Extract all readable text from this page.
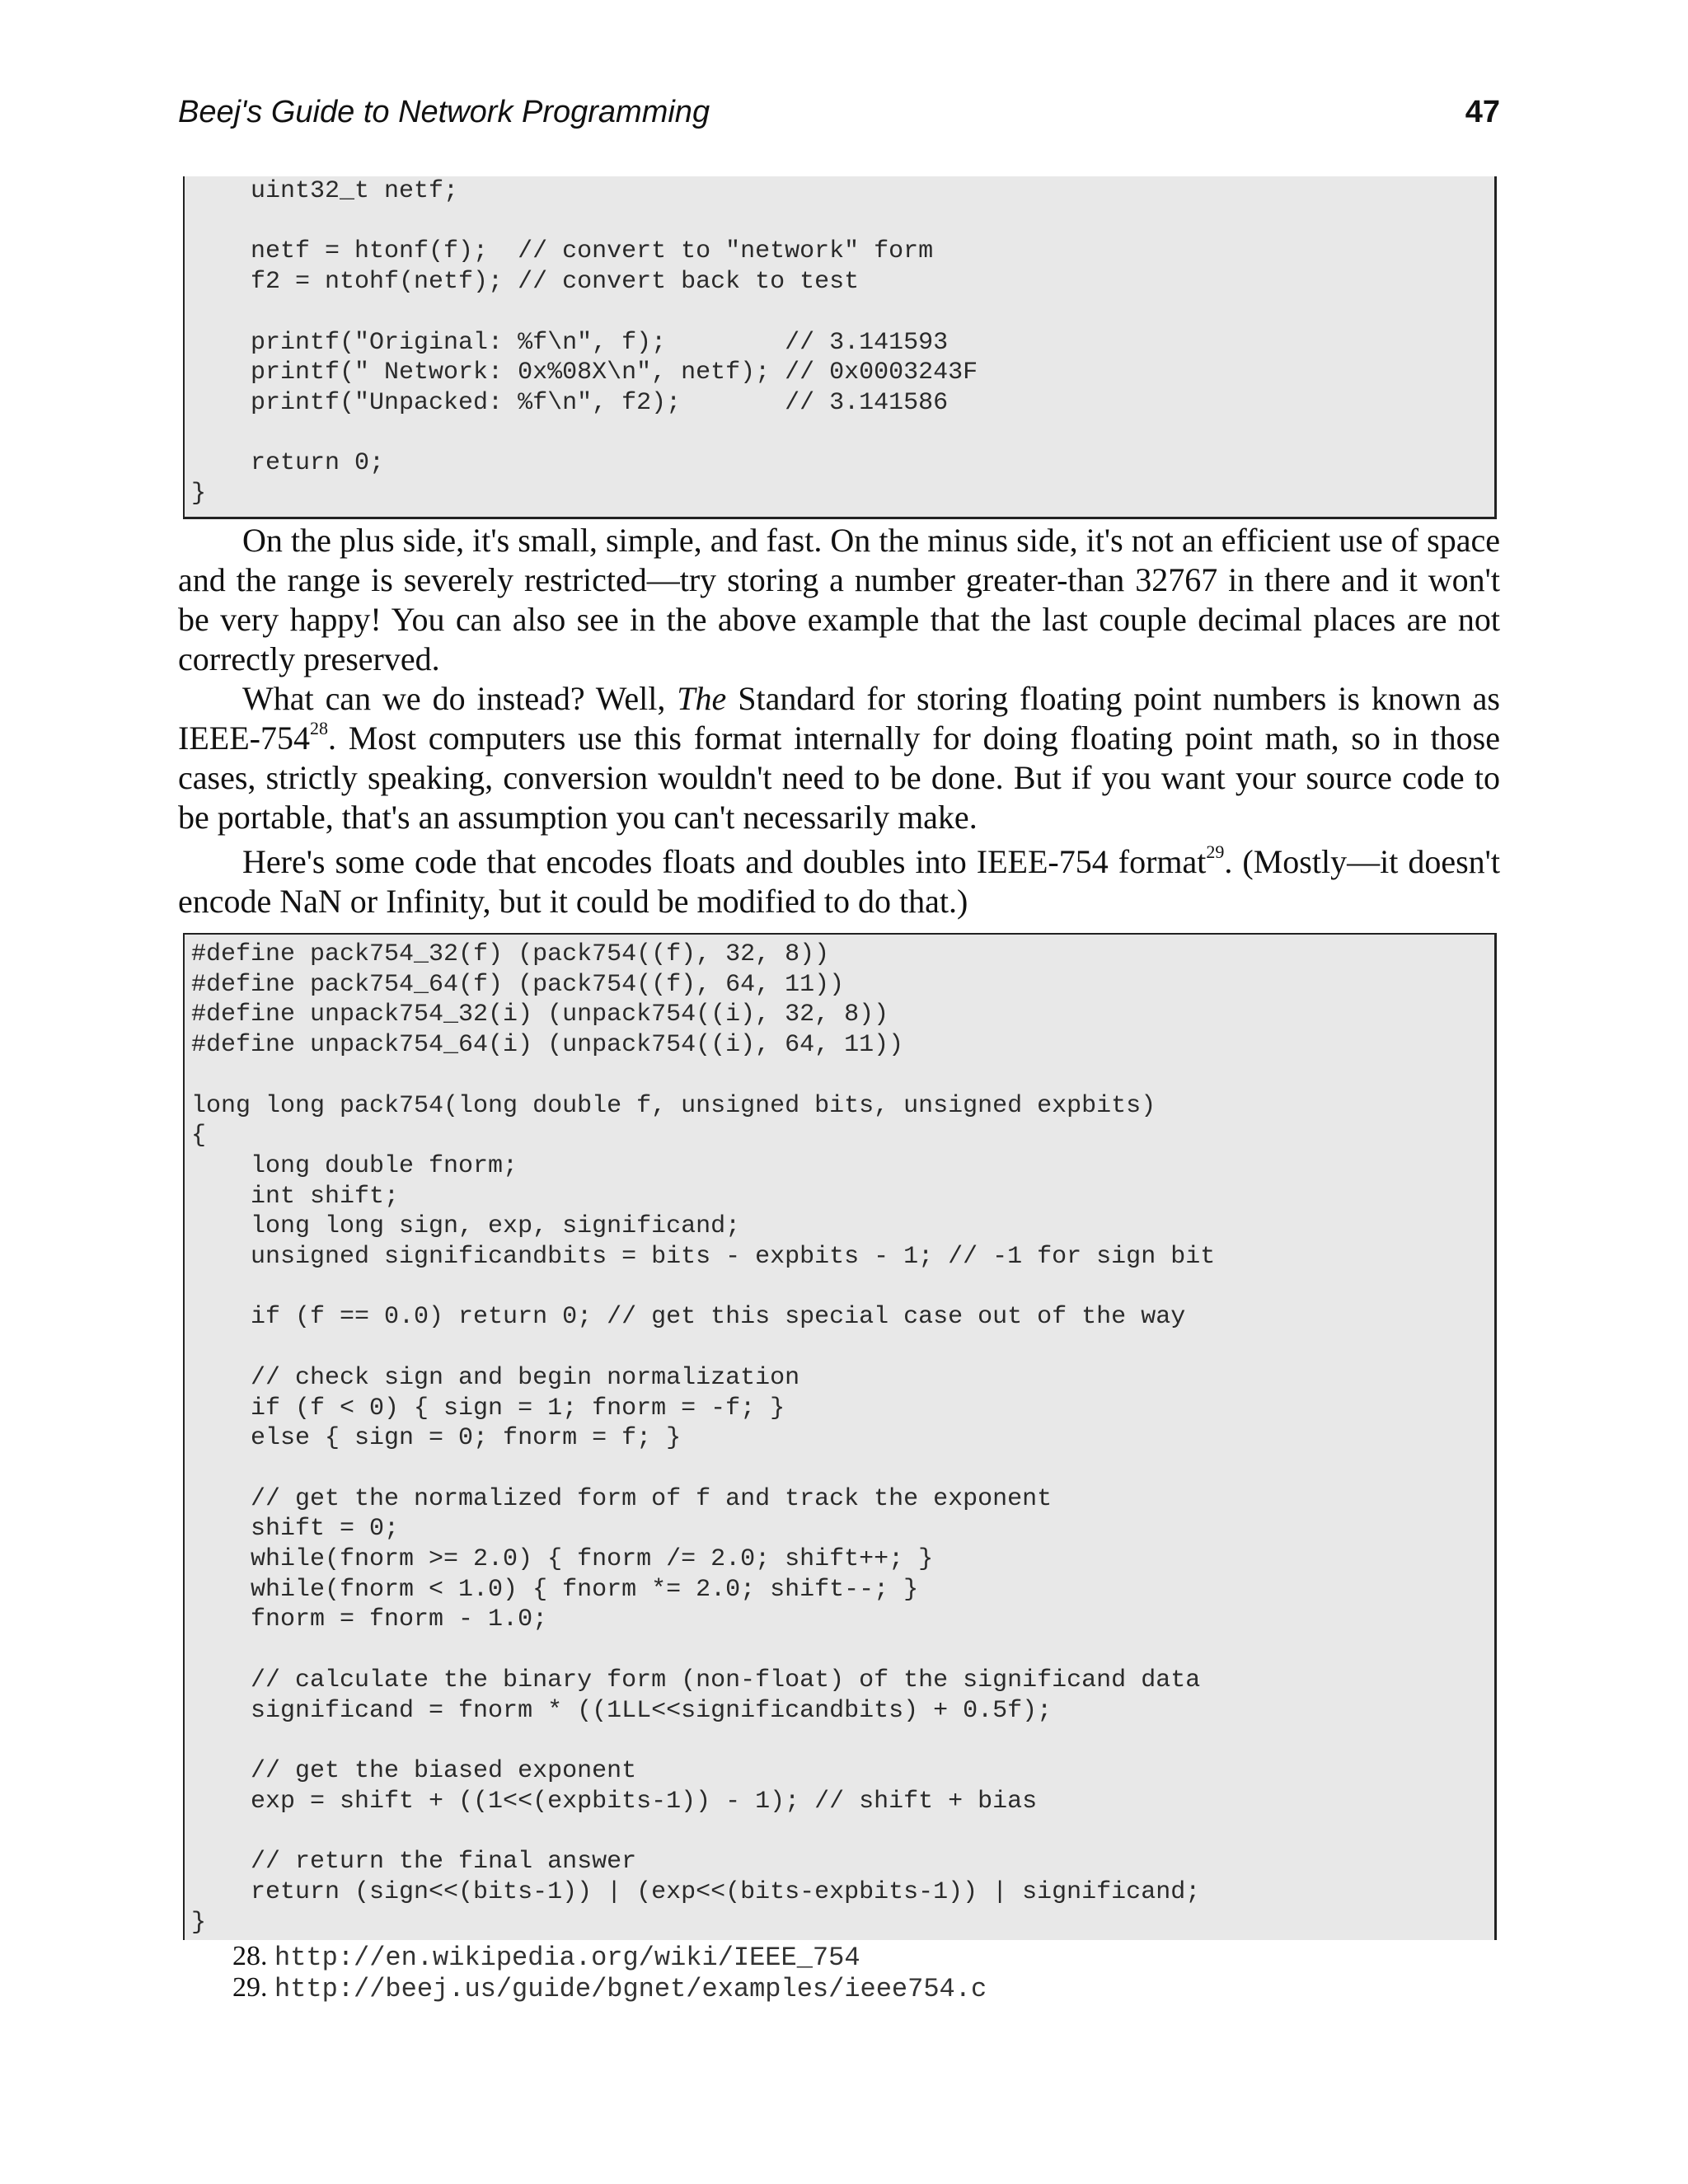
Beej's Guide to Network Programming	47
uint32_t netf;

netf = htonf(f);  // convert to "network" form
f2 = ntohf(netf); // convert back to test

printf("Original: %f\n", f);        // 3.141593
printf(" Network: 0x%08X\n", netf); // 0x0003243F
printf("Unpacked: %f\n", f2);       // 3.141586

return 0;
}

On the plus side, it's small, simple, and fast. On the minus side, it's not an efficient use of space and the range is severely restricted—try storing a number greater-than 32767 in there and it won't be very happy! You can also see in the above example that the last couple decimal places are not correctly preserved.

What can we do instead? Well, The Standard for storing floating point numbers is known as IEEE-$754^{28}$. Most computers use this format internally for doing floating point math, so in those cases, strictly speaking, conversion wouldn't need to be done. But if you want your source code to be portable, that's an assumption you can't necessarily make.

Here's some code that encodes floats and doubles into IEEE-754 format$^{29}$. (Mostly—it doesn't encode NaN or Infinity, but it could be modified to do that.)

#define pack754_32(f) (pack754((f), 32, 8))
#define pack754_64(f) (pack754((f), 64, 11))
#define unpack754_32(i) (unpack754((i), 32, 8))
#define unpack754_64(i) (unpack754((i), 64, 11))

long long pack754(long double f, unsigned bits, unsigned expbits)
{
long double fnorm;
int shift;
long long sign, exp, significand;
unsigned significandbits = bits - expbits - 1; // -1 for sign bit

if (f == 0.0) return 0; // get this special case out of the way

// check sign and begin normalization
if (f < 0) { sign = 1; fnorm = -f; }
else { sign = 0; fnorm = f; }

// get the normalized form of f and track the exponent
shift = 0;
while(fnorm >= 2.0) { fnorm /= 2.0; shift++; }
while(fnorm < 1.0) { fnorm *= 2.0; shift--; }
fnorm = fnorm - 1.0;

// calculate the binary form (non-float) of the significand data
significand = fnorm * ((1LL<<significandbits) + 0.5f);

// get the biased exponent
exp = shift + ((1<<(expbits-1)) - 1); // shift + bias

// return the final answer
return (sign<<(bits-1)) | (exp<<(bits-expbits-1)) | significand;
}
28. http://en.wikipedia.org/wiki/IEEE_754
29. http://beej.us/guide/bgnet/examples/ieee754.c
